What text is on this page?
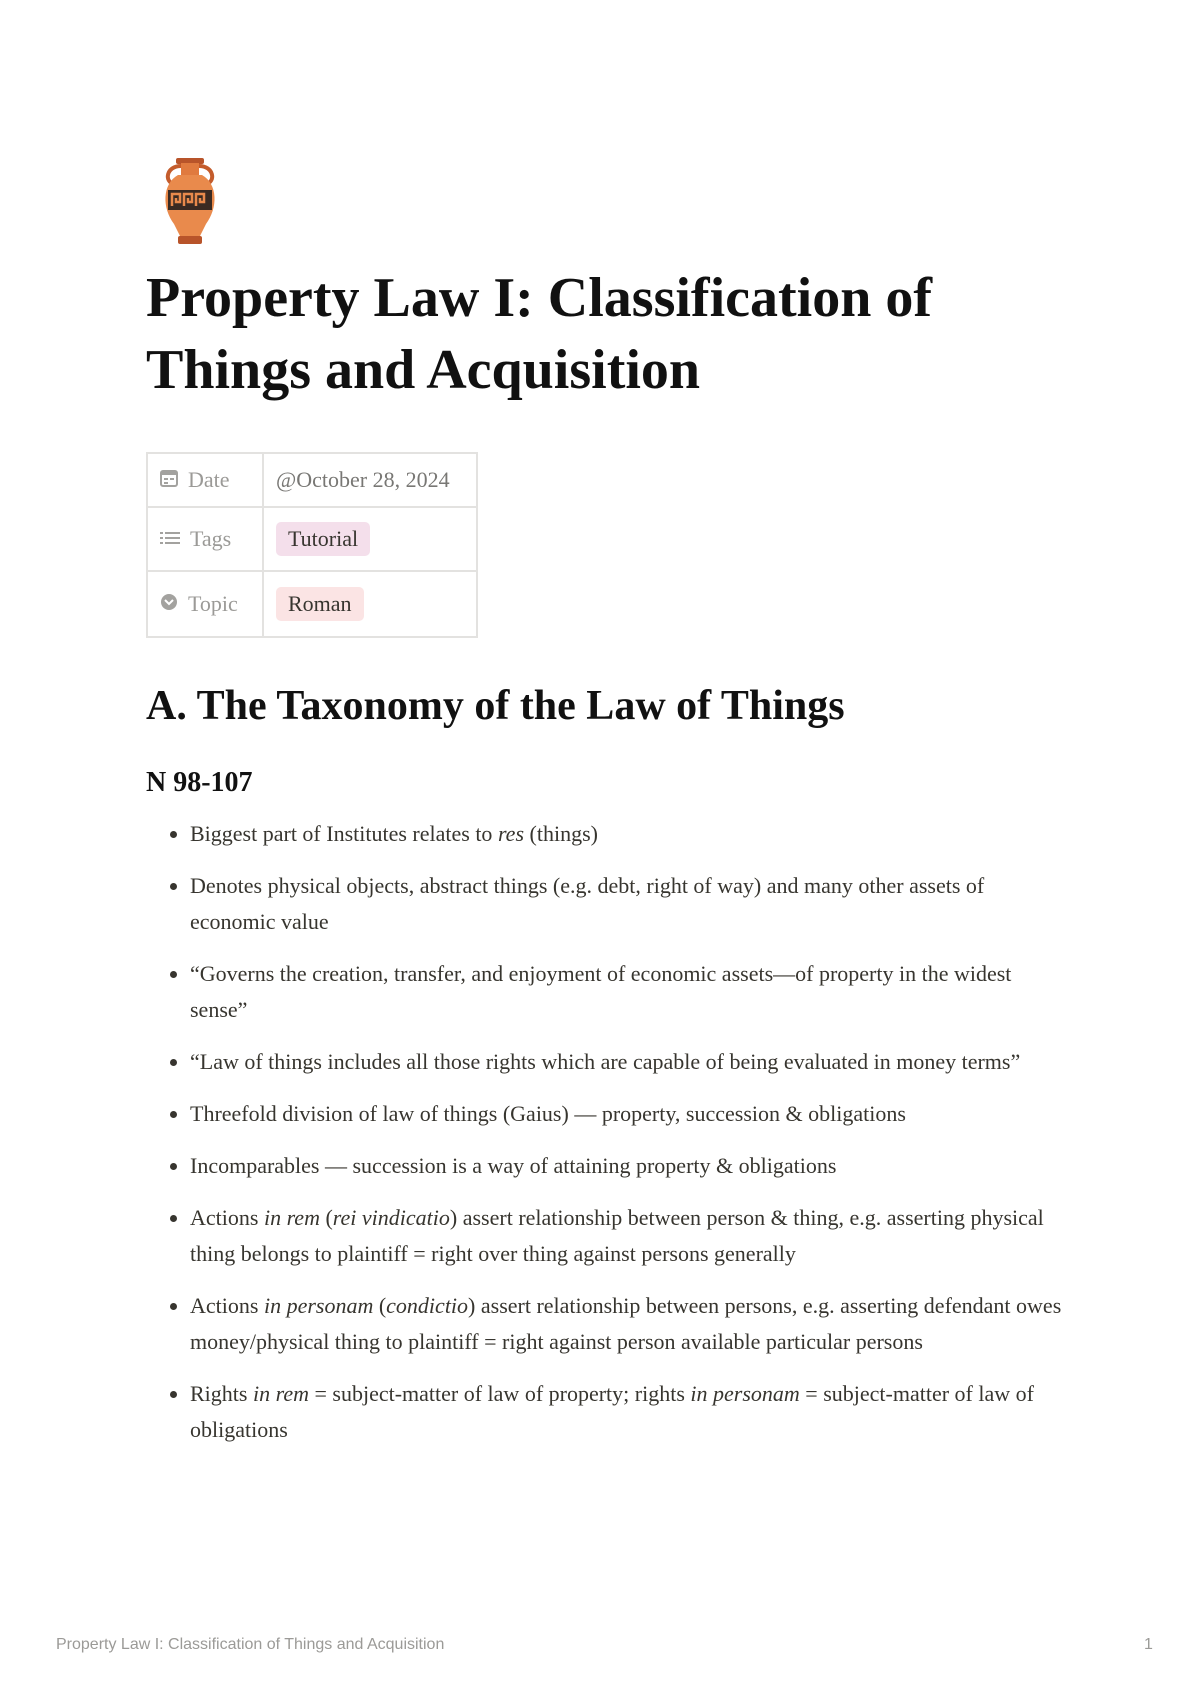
Property Law I: Classification of Things and Acquisition
Date	@October 28, 2024

Tags	Tutorial

Topic	Roman
A. The Taxonomy of the Law of Things
N 98-107
• Biggest part of Institutes relates to res (things)
• Denotes physical objects, abstract things (e.g. debt, right of way) and many other assets of economic value
• “Governs the creation, transfer, and enjoyment of economic assets—of property in the widest sense”
• “Law of things includes all those rights which are capable of being evaluated in money terms”
• Threefold division of law of things (Gaius) — property, succession & obligations
• Incomparables — succession is a way of attaining property & obligations
• Actions in rem (rei vindicatio) assert relationship between person & thing, e.g. asserting physical thing belongs to plaintiff = right over thing against persons generally
• Actions in personam (condictio) assert relationship between persons, e.g. asserting defendant owes money/physical thing to plaintiff = right against person available particular persons
• Rights in rem = subject-matter of law of property; rights in personam = subject-matter of law of obligations
Property Law I: Classification of Things and Acquisition	1
